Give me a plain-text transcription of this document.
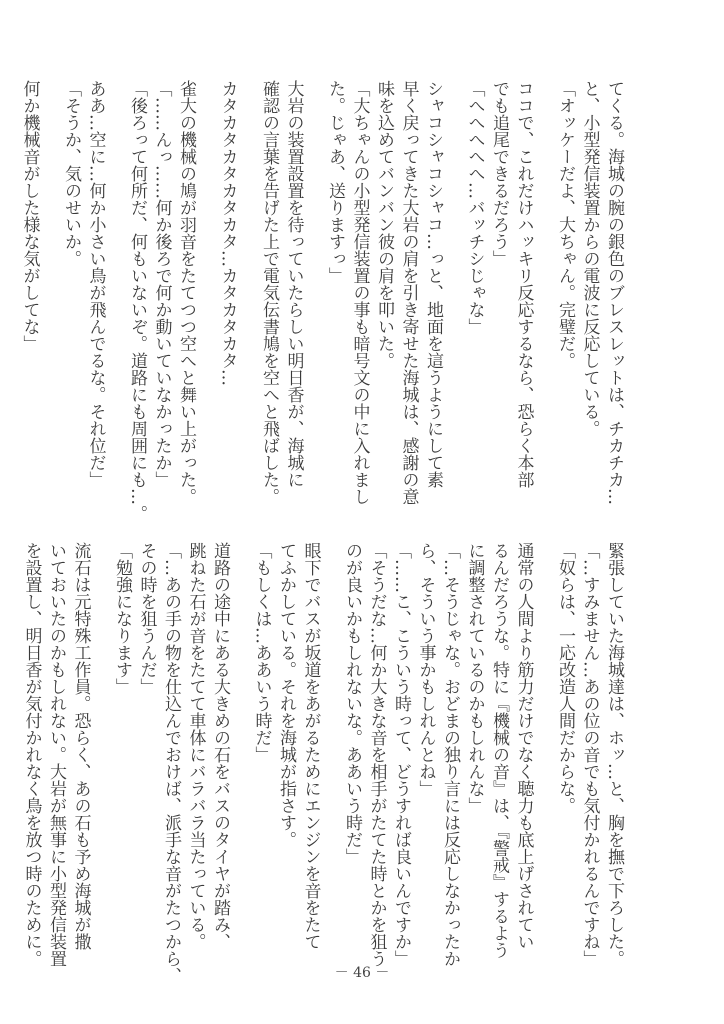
てくる。海城の腕の銀色のブレスレットは、チカチカ…
と、小型発信装置からの電波に反応している。
「オッケーだよ、大ちゃん。完璧だ。
ココで、これだけハッキリ反応するなら、恐らく本部
でも追尾できるだろう」
「へへへへへ…バッチシじゃな」
シャコシャコシャコ…っと、地面を這うようにして素
早く戻ってきた大岩の肩を引き寄せた海城は、感謝の意
味を込めてバンバン彼の肩を叩いた。
「大ちゃんの小型発信装置の事も暗号文の中に入れまし
た。じゃあ、送りますっ」
大岩の装置設置を待っていたらしい明日香が、海城に
確認の言葉を告げた上で電気伝書鳩を空へと飛ばした。
カタカタカタカタカタ…カタカタカタ…
雀大の機械の鳩が羽音をたてつつ空へと舞い上がった。
「……んっ……何か後ろで何か動いていなかったか」
「後ろって何所だ、何もいないぞ。道路にも周囲にも…。
ああ…空に…何か小さい鳥が飛んでるな。それ位だ」
「そうか、気のせいか。
何か機械音がした様な気がしてな」
緊張していた海城達は、ホッ…と、胸を撫で下ろした。
「…すみません…あの位の音でも気付かれるんですね」
「奴らは、一応改造人間だからな。
通常の人間より筋力だけでなく聴力も底上げされてい
るんだろうな。特に『機械の音』は、『警戒』するよう
に調整されているのかもしれんな」
「…そうじゃな。おどまの独り言には反応しなかったか
ら、そういう事かもしれんとね」
「……こ、こういう時って、どうすれば良いんですか」
「そうだな…何か大きな音を相手がたてた時とかを狙う
のが良いかもしれないな。ああいう時だ」
眼下でバスが坂道をあがるためにエンジンを音をたて
てふかしている。それを海城が指さす。
「もしくは…ああいう時だ」
道路の途中にある大きめの石をバスのタイヤが踏み、
跳ねた石が音をたてて車体にバラバラ当たっている。
「…あの手の物を仕込んでおけば、派手な音がたつから、
その時を狙うんだ」
「勉強になります」
流石は元特殊工作員。恐らく、あの石も予め海城が撒
いておいたのかもしれない。大岩が無事に小型発信装置
を設置し、明日香が気付かれなく鳥を放つ時のために。
－ 46 －
